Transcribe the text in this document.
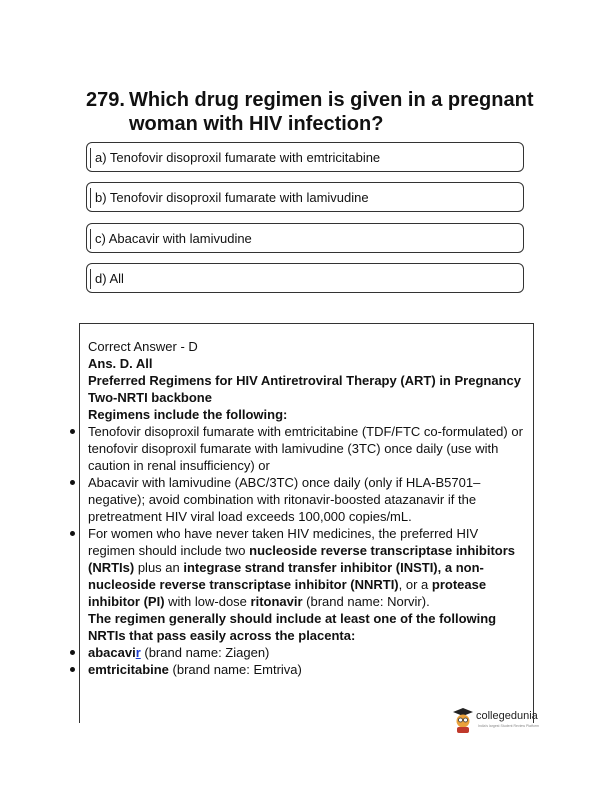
279. Which drug regimen is given in a pregnant woman with HIV infection?
a) Tenofovir disoproxil fumarate with emtricitabine
b) Tenofovir disoproxil fumarate with lamivudine
c) Abacavir with lamivudine
d) All

Correct Answer - D

Ans. D. All

Preferred Regimens for HIV Antiretroviral Therapy (ART) in Pregnancy

Two-NRTI backbone

Regimens include the following:

Tenofovir disoproxil fumarate with emtricitabine (TDF/FTC co-formulated) or tenofovir disoproxil fumarate with lamivudine (3TC) once daily (use with caution in renal insufficiency) or

Abacavir with lamivudine (ABC/3TC) once daily (only if HLA-B5701–negative); avoid combination with ritonavir-boosted atazanavir if the pretreatment HIV viral load exceeds 100,000 copies/mL.

For women who have never taken HIV medicines, the preferred HIV regimen should include two nucleoside reverse transcriptase inhibitors (NRTIs) plus an integrase strand transfer inhibitor (INSTI), a non-nucleoside reverse transcriptase inhibitor (NNRTI), or a protease inhibitor (PI) with low-dose ritonavir (brand name: Norvir).

The regimen generally should include at least one of the following NRTIs that pass easily across the placenta:

abacavir (brand name: Ziagen)

emtricitabine (brand name: Emtriva)

collegedunia
India's largest Student Review Platform
